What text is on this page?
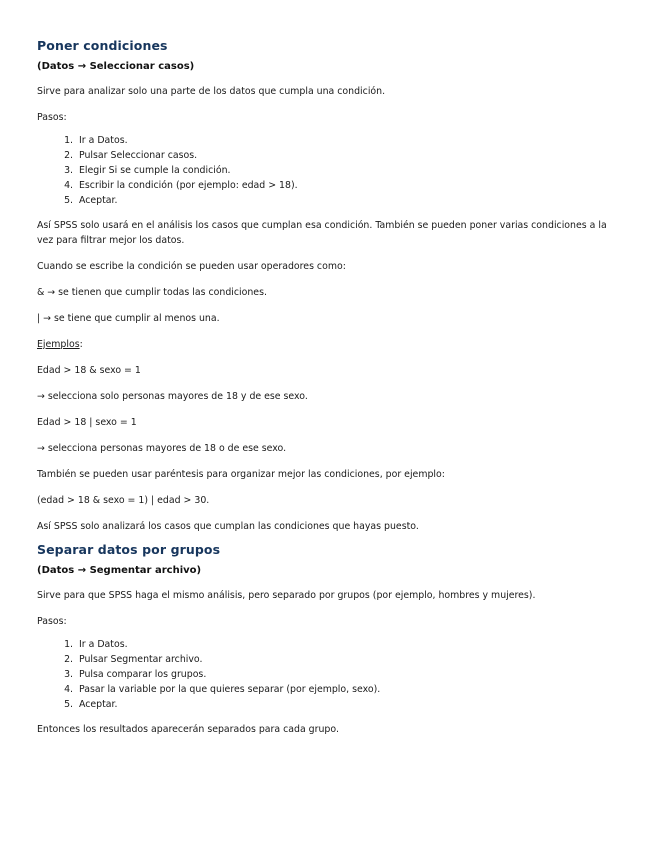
Poner condiciones
(Datos → Seleccionar casos)

Sirve para analizar solo una parte de los datos que cumpla una condición.

Pasos:

1. Ir a Datos.
2. Pulsar Seleccionar casos.
3. Elegir Si se cumple la condición.
4. Escribir la condición (por ejemplo: edad > 18).
5. Aceptar.

Así SPSS solo usará en el análisis los casos que cumplan esa condición. También se pueden poner varias condiciones a la vez para filtrar mejor los datos.

Cuando se escribe la condición se pueden usar operadores como:

& → se tienen que cumplir todas las condiciones.

| → se tiene que cumplir al menos una.

Ejemplos:

Edad > 18 & sexo = 1

→ selecciona solo personas mayores de 18 y de ese sexo.

Edad > 18 | sexo = 1

→ selecciona personas mayores de 18 o de ese sexo.

También se pueden usar paréntesis para organizar mejor las condiciones, por ejemplo:

(edad > 18 & sexo = 1) | edad > 30.

Así SPSS solo analizará los casos que cumplan las condiciones que hayas puesto.

Separar datos por grupos
(Datos → Segmentar archivo)

Sirve para que SPSS haga el mismo análisis, pero separado por grupos (por ejemplo, hombres y mujeres).

Pasos:

1. Ir a Datos.
2. Pulsar Segmentar archivo.
3. Pulsa comparar los grupos.
4. Pasar la variable por la que quieres separar (por ejemplo, sexo).
5. Aceptar.

Entonces los resultados aparecerán separados para cada grupo.
